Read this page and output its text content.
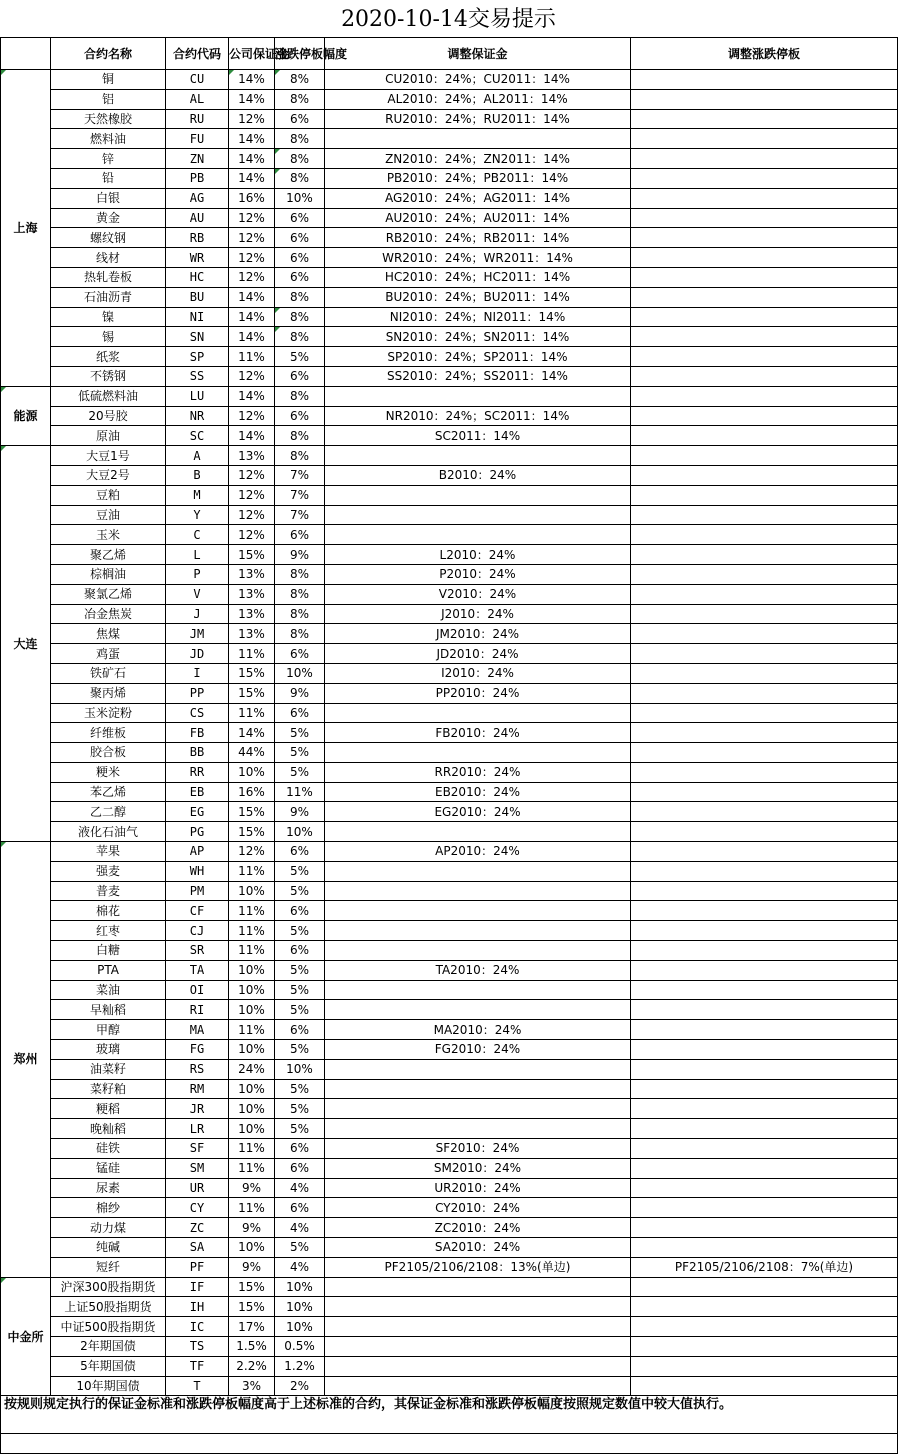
2020-10-14交易提示
	合约名称	合约代码	公司保证金	涨跌停板幅度	调整保证金	调整涨跌停板
上海	铜	CU	14%	8%	CU2010：24%；CU2011：14%	
	铝	AL	14%	8%	AL2010：24%；AL2011：14%	
	天然橡胶	RU	12%	6%	RU2010：24%；RU2011：14%	
	燃料油	FU	14%	8%		
	锌	ZN	14%	8%	ZN2010：24%；ZN2011：14%	
	铅	PB	14%	8%	PB2010：24%；PB2011：14%	
	白银	AG	16%	10%	AG2010：24%；AG2011：14%	
	黄金	AU	12%	6%	AU2010：24%；AU2011：14%	
	螺纹钢	RB	12%	6%	RB2010：24%；RB2011：14%	
	线材	WR	12%	6%	WR2010：24%；WR2011：14%	
	热轧卷板	HC	12%	6%	HC2010：24%；HC2011：14%	
	石油沥青	BU	14%	8%	BU2010：24%；BU2011：14%	
	镍	NI	14%	8%	NI2010：24%；NI2011：14%	
	锡	SN	14%	8%	SN2010：24%；SN2011：14%	
	纸浆	SP	11%	5%	SP2010：24%；SP2011：14%	
	不锈钢	SS	12%	6%	SS2010：24%；SS2011：14%	
能源	低硫燃料油	LU	14%	8%		
	20号胶	NR	12%	6%	NR2010：24%；SC2011：14%	
	原油	SC	14%	8%	SC2011：14%	
大连	大豆1号	A	13%	8%		
	大豆2号	B	12%	7%	B2010：24%	
	豆粕	M	12%	7%		
	豆油	Y	12%	7%		
	玉米	C	12%	6%		
	聚乙烯	L	15%	9%	L2010：24%	
	棕榈油	P	13%	8%	P2010：24%	
	聚氯乙烯	V	13%	8%	V2010：24%	
	冶金焦炭	J	13%	8%	J2010：24%	
	焦煤	JM	13%	8%	JM2010：24%	
	鸡蛋	JD	11%	6%	JD2010：24%	
	铁矿石	I	15%	10%	I2010：24%	
	聚丙烯	PP	15%	9%	PP2010：24%	
	玉米淀粉	CS	11%	6%		
	纤维板	FB	14%	5%	FB2010：24%	
	胶合板	BB	44%	5%		
	粳米	RR	10%	5%	RR2010：24%	
	苯乙烯	EB	16%	11%	EB2010：24%	
	乙二醇	EG	15%	9%	EG2010：24%	
	液化石油气	PG	15%	10%		
郑州	苹果	AP	12%	6%	AP2010：24%	
	强麦	WH	11%	5%		
	普麦	PM	10%	5%		
	棉花	CF	11%	6%		
	红枣	CJ	11%	5%		
	白糖	SR	11%	6%		
	PTA	TA	10%	5%	TA2010：24%	
	菜油	OI	10%	5%		
	早籼稻	RI	10%	5%		
	甲醇	MA	11%	6%	MA2010：24%	
	玻璃	FG	10%	5%	FG2010：24%	
	油菜籽	RS	24%	10%		
	菜籽粕	RM	10%	5%		
	粳稻	JR	10%	5%		
	晚籼稻	LR	10%	5%		
	硅铁	SF	11%	6%	SF2010：24%	
	锰硅	SM	11%	6%	SM2010：24%	
	尿素	UR	9%	4%	UR2010：24%	
	棉纱	CY	11%	6%	CY2010：24%	
	动力煤	ZC	9%	4%	ZC2010：24%	
	纯碱	SA	10%	5%	SA2010：24%	
	短纤	PF	9%	4%	PF2105/2106/2108：13%(单边)	PF2105/2106/2108：7%(单边)
中金所	沪深300股指期货	IF	15%	10%		
	上证50股指期货	IH	15%	10%		
	中证500股指期货	IC	17%	10%		
	2年期国债	TS	1.5%	0.5%		
	5年期国债	TF	2.2%	1.2%		
	10年期国债	T	3%	2%		
按规则规定执行的保证金标准和涨跌停板幅度高于上述标准的合约，其保证金标准和涨跌停板幅度按照规定数值中较大值执行。						
